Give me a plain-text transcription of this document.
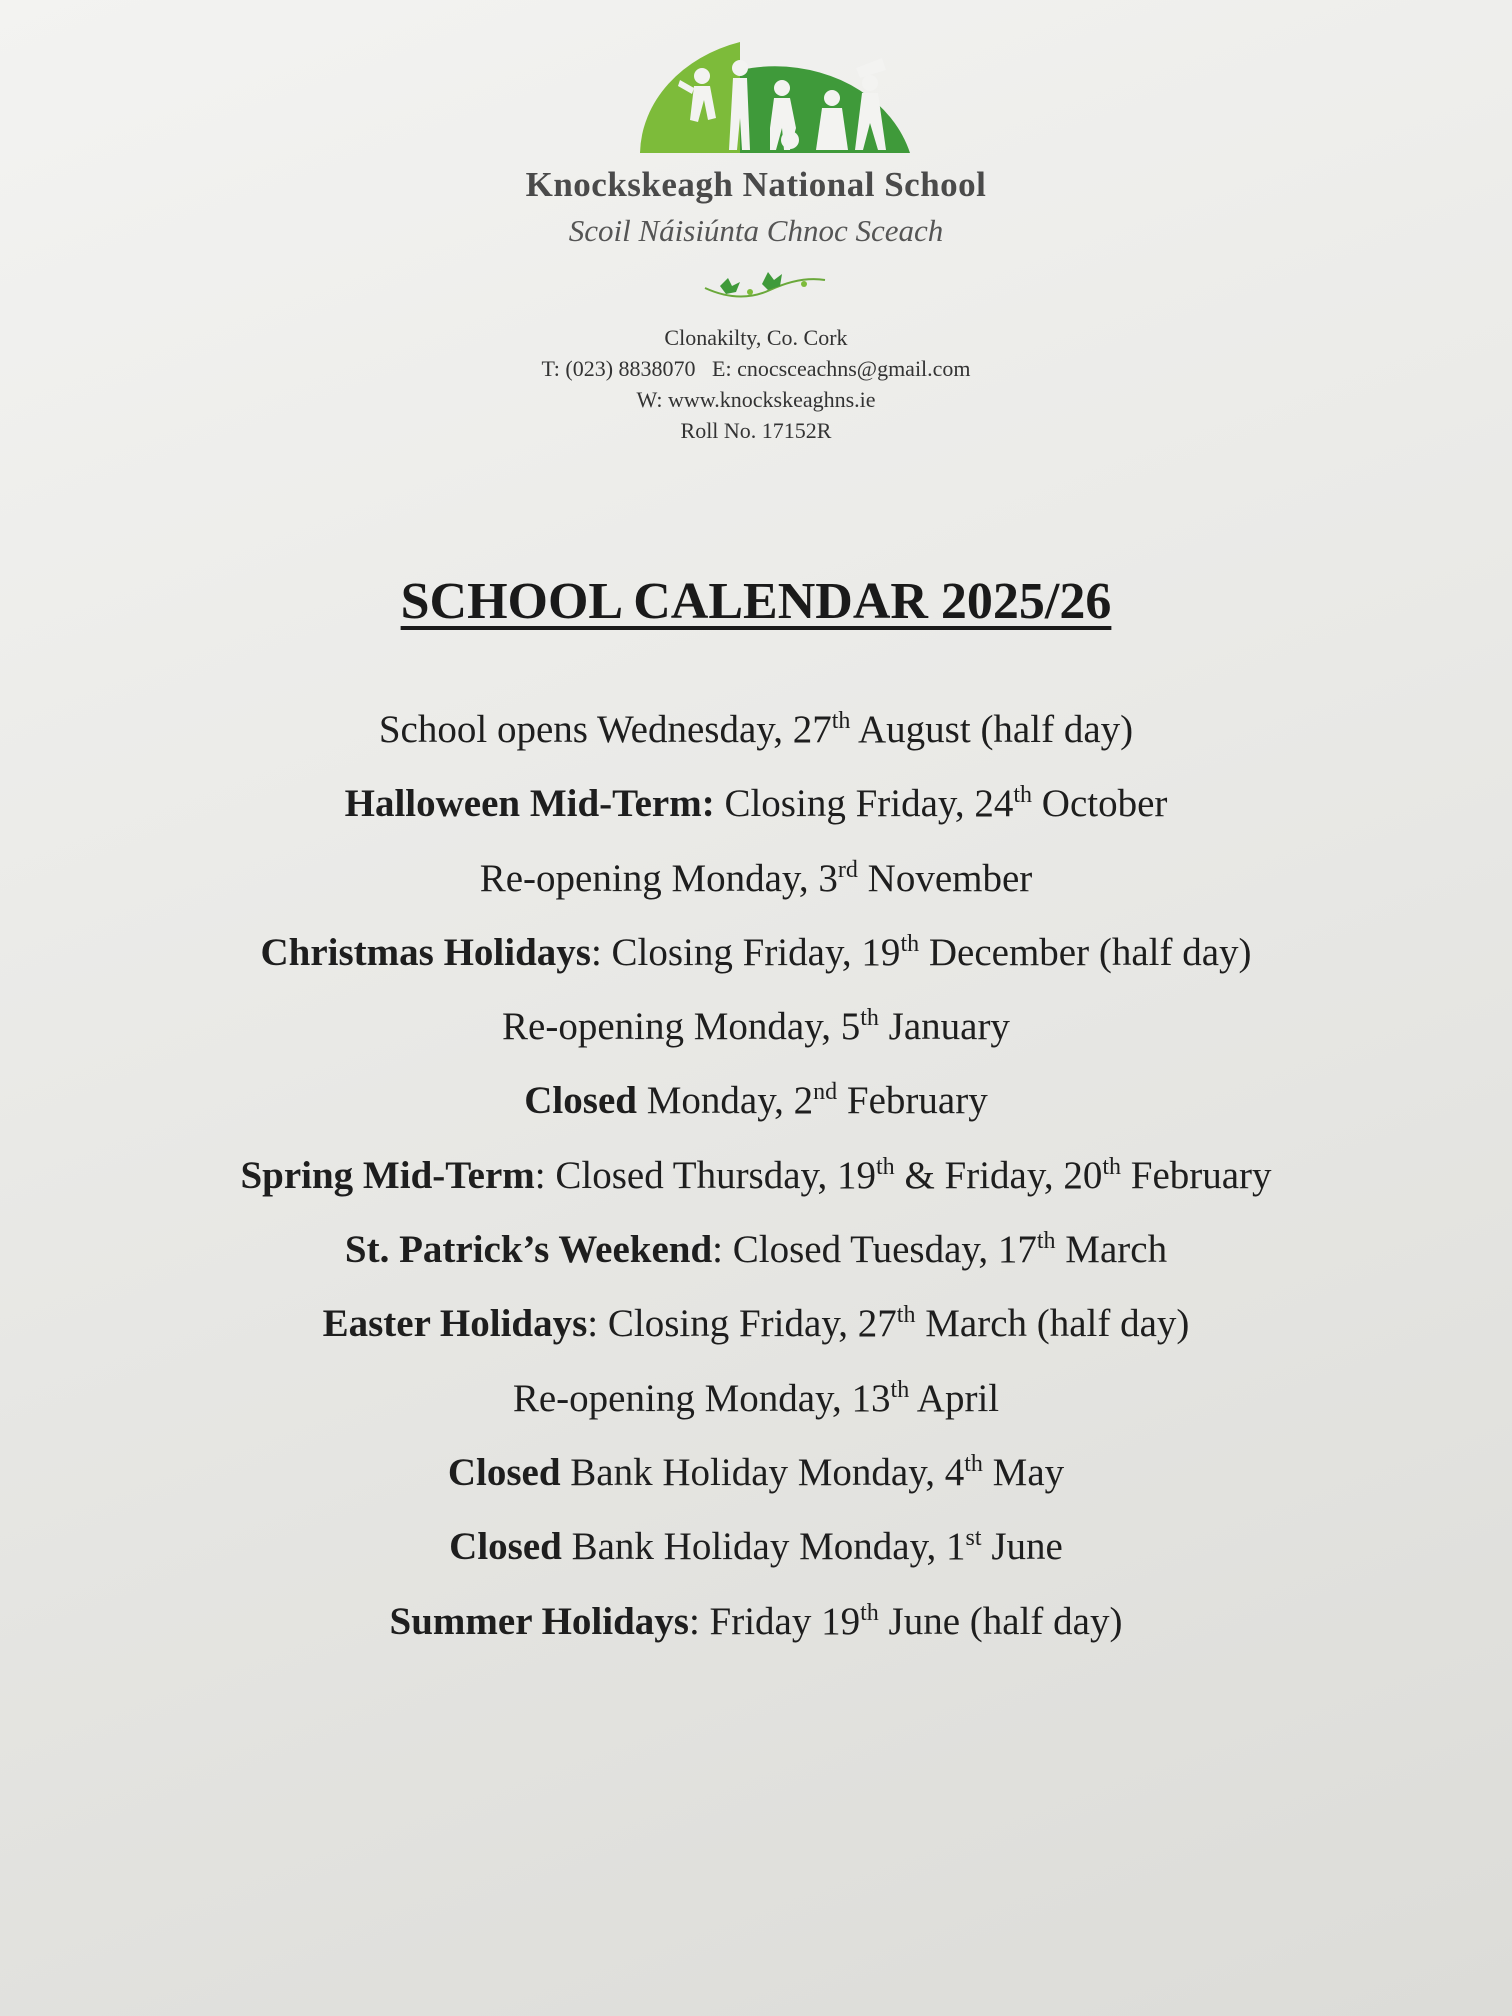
Knockskeagh National School
Scoil Náisiúnta Chnoc Sceach
Clonakilty, Co. Cork
T: (023) 8838070   E: cnocsceachns@gmail.com
W: www.knockskeaghns.ie
Roll No. 17152R
SCHOOL CALENDAR 2025/26
School opens Wednesday, 27th August (half day)
Halloween Mid-Term: Closing Friday, 24th October
Re-opening Monday, 3rd November
Christmas Holidays: Closing Friday, 19th December (half day)
Re-opening Monday, 5th January
Closed Monday, 2nd February
Spring Mid-Term: Closed Thursday, 19th & Friday, 20th February
St. Patrick’s Weekend: Closed Tuesday, 17th March
Easter Holidays: Closing Friday, 27th March (half day)
Re-opening Monday, 13th April
Closed Bank Holiday Monday, 4th May
Closed Bank Holiday Monday, 1st June
Summer Holidays: Friday 19th June (half day)
